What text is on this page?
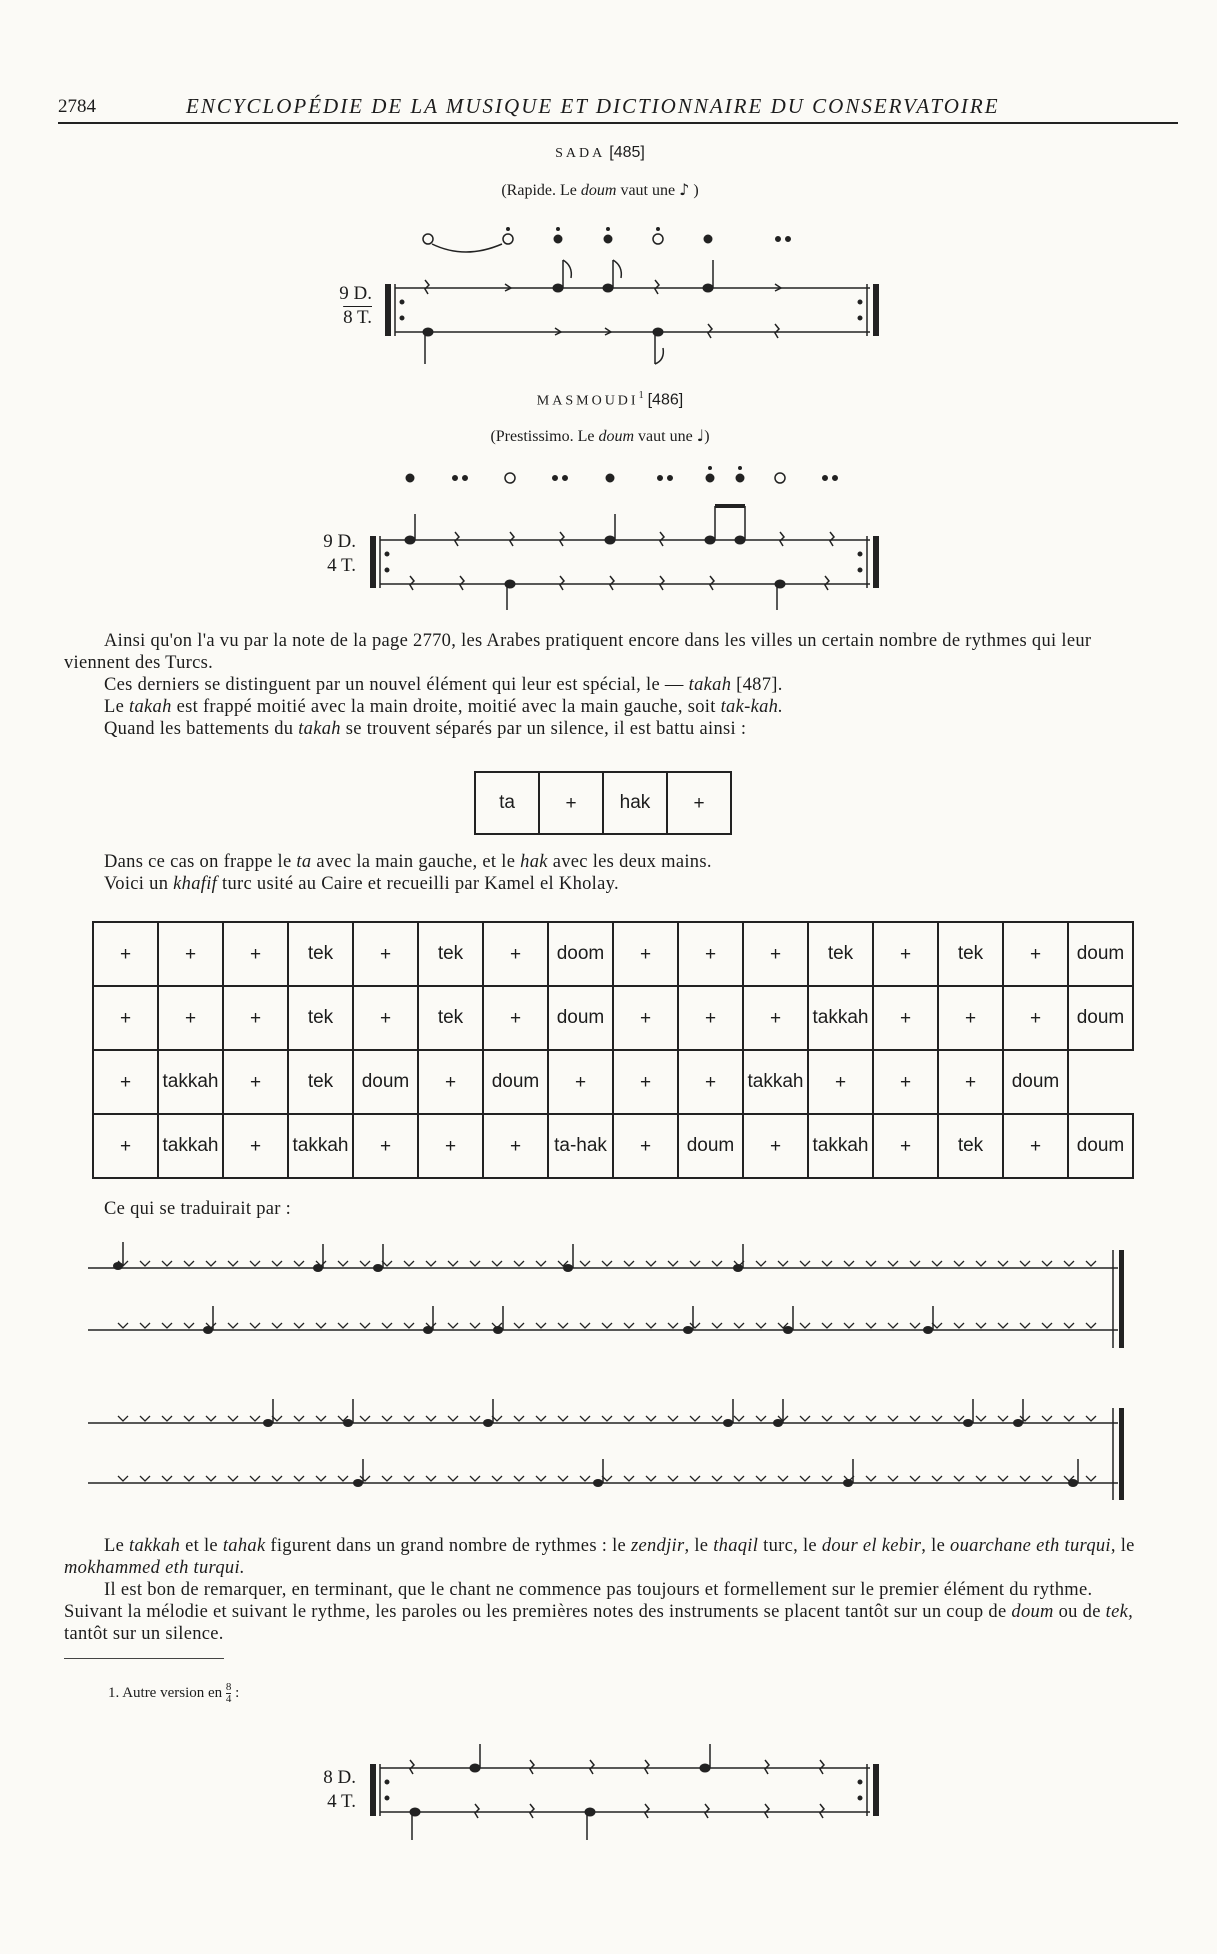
2784	ENCYCLOPÉDIE DE LA MUSIQUE ET DICTIONNAIRE DU CONSERVATOIRE
SADA [485]
(Rapide. Le doum vaut une ♪ )
9 D.
8 T.
MASMOUDI$^1$ [486]
(Prestissimo. Le doum vaut une ♩)
9 D.
4 T.

Ainsi qu'on l'a vu par la note de la page 2770, les Arabes pratiquent encore dans les villes un certain nombre de rythmes qui leur viennent des Turcs.

Ces derniers se distinguent par un nouvel élément qui leur est spécial, le — takah [487].

Le takah est frappé moitié avec la main droite, moitié avec la main gauche, soit tak-kah.

Quand les battements du takah se trouvent séparés par un silence, il est battu ainsi :

ta	+	hak	+

Dans ce cas on frappe le ta avec la main gauche, et le hak avec les deux mains.

Voici un khafif turc usité au Caire et recueilli par Kamel el Kholay.

+	+	+	tek	+	tek	+	doom	+	+	+	tek	+	tek	+	doum
+	+	+	tek	+	tek	+	doum	+	+	+	takkah	+	+	+	doum
+	takkah	+	tek	doum	+	doum	+	+	+	takkah	+	+	+	doum	
+	takkah	+	takkah	+	+	+	ta-hak	+	doum	+	takkah	+	tek	+	doum

Ce qui se traduirait par :

Le takkah et le tahak figurent dans un grand nombre de rythmes : le zendjir, le thaqil turc, le dour el kebir, le ouarchane eth turqui, le mokhammed eth turqui.

Il est bon de remarquer, en terminant, que le chant ne commence pas toujours et formellement sur le premier élément du rythme. Suivant la mélodie et suivant le rythme, les paroles ou les premières notes des instruments se placent tantôt sur un coup de doum ou de tek, tantôt sur un silence.

1. Autre version en $\frac{8}{4}$ :
8 D.
4 T.
